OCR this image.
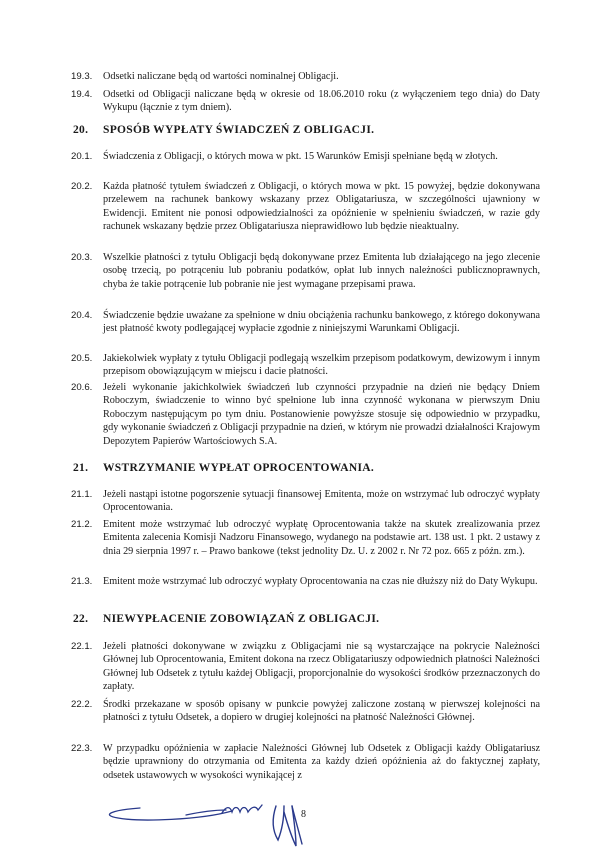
19.3. Odsetki naliczane będą od wartości nominalnej Obligacji.
19.4. Odsetki od Obligacji naliczane będą w okresie od 18.06.2010 roku (z wyłączeniem tego dnia) do Daty Wykupu (łącznie z tym dniem).
20. SPOSÓB WYPŁATY ŚWIADCZEŃ Z OBLIGACJI.
20.1. Świadczenia z Obligacji, o których mowa w pkt. 15 Warunków Emisji spełniane będą w złotych.
20.2. Każda płatność tytułem świadczeń z Obligacji, o których mowa w pkt. 15 powyżej, będzie dokonywana przelewem na rachunek bankowy wskazany przez Obligatariusza, w szczególności ujawniony w Ewidencji. Emitent nie ponosi odpowiedzialności za opóźnienie w spełnieniu świadczeń, w razie gdy rachunek wskazany będzie przez Obligatariusza nieprawidłowo lub będzie nieaktualny.
20.3. Wszelkie płatności z tytułu Obligacji będą dokonywane przez Emitenta lub działającego na jego zlecenie osobę trzecią, po potrąceniu lub pobraniu podatków, opłat lub innych należności publicznoprawnych, chyba że takie potrącenie lub pobranie nie jest wymagane przepisami prawa.
20.4. Świadczenie będzie uważane za spełnione w dniu obciążenia rachunku bankowego, z którego dokonywana jest płatność kwoty podlegającej wypłacie zgodnie z niniejszymi Warunkami Obligacji.
20.5. Jakiekolwiek wypłaty z tytułu Obligacji podlegają wszelkim przepisom podatkowym, dewizowym i innym przepisom obowiązującym w miejscu i dacie płatności.
20.6. Jeżeli wykonanie jakichkolwiek świadczeń lub czynności przypadnie na dzień nie będący Dniem Roboczym, świadczenie to winno być spełnione lub inna czynność wykonana w pierwszym Dniu Roboczym następującym po tym dniu. Postanowienie powyższe stosuje się odpowiednio w przypadku, gdy wykonanie świadczeń z Obligacji przypadnie na dzień, w którym nie prowadzi działalności Krajowym Depozytem Papierów Wartościowych S.A.
21. WSTRZYMANIE WYPŁAT OPROCENTOWANIA.
21.1. Jeżeli nastąpi istotne pogorszenie sytuacji finansowej Emitenta, może on wstrzymać lub odroczyć wypłaty Oprocentowania.
21.2. Emitent może wstrzymać lub odroczyć wypłatę Oprocentowania także na skutek zrealizowania przez Emitenta zalecenia Komisji Nadzoru Finansowego, wydanego na podstawie art. 138 ust. 1 pkt. 2 ustawy z dnia 29 sierpnia 1997 r. – Prawo bankowe (tekst jednolity Dz. U. z 2002 r. Nr 72 poz. 665 z późn. zm.).
21.3. Emitent może wstrzymać lub odroczyć wypłaty Oprocentowania na czas nie dłuższy niż do Daty Wykupu.
22. NIEWYPŁACENIE ZOBOWIĄZAŃ Z OBLIGACJI.
22.1. Jeżeli płatności dokonywane w związku z Obligacjami nie są wystarczające na pokrycie Należności Głównej lub Oprocentowania, Emitent dokona na rzecz Obligatariuszy odpowiednich płatności Należności Głównej lub Odsetek z tytułu każdej Obligacji, proporcjonalnie do wysokości środków przeznaczonych do zapłaty.
22.2. Środki przekazane w sposób opisany w punkcie powyżej zaliczone zostaną w pierwszej kolejności na płatności z tytułu Odsetek, a dopiero w drugiej kolejności na płatność Należności Głównej.
22.3. W przypadku opóźnienia w zapłacie Należności Głównej lub Odsetek z Obligacji każdy Obligatariusz będzie uprawniony do otrzymania od Emitenta za każdy dzień opóźnienia aż do faktycznej zapłaty, odsetek ustawowych w wysokości wynikającej z
8
